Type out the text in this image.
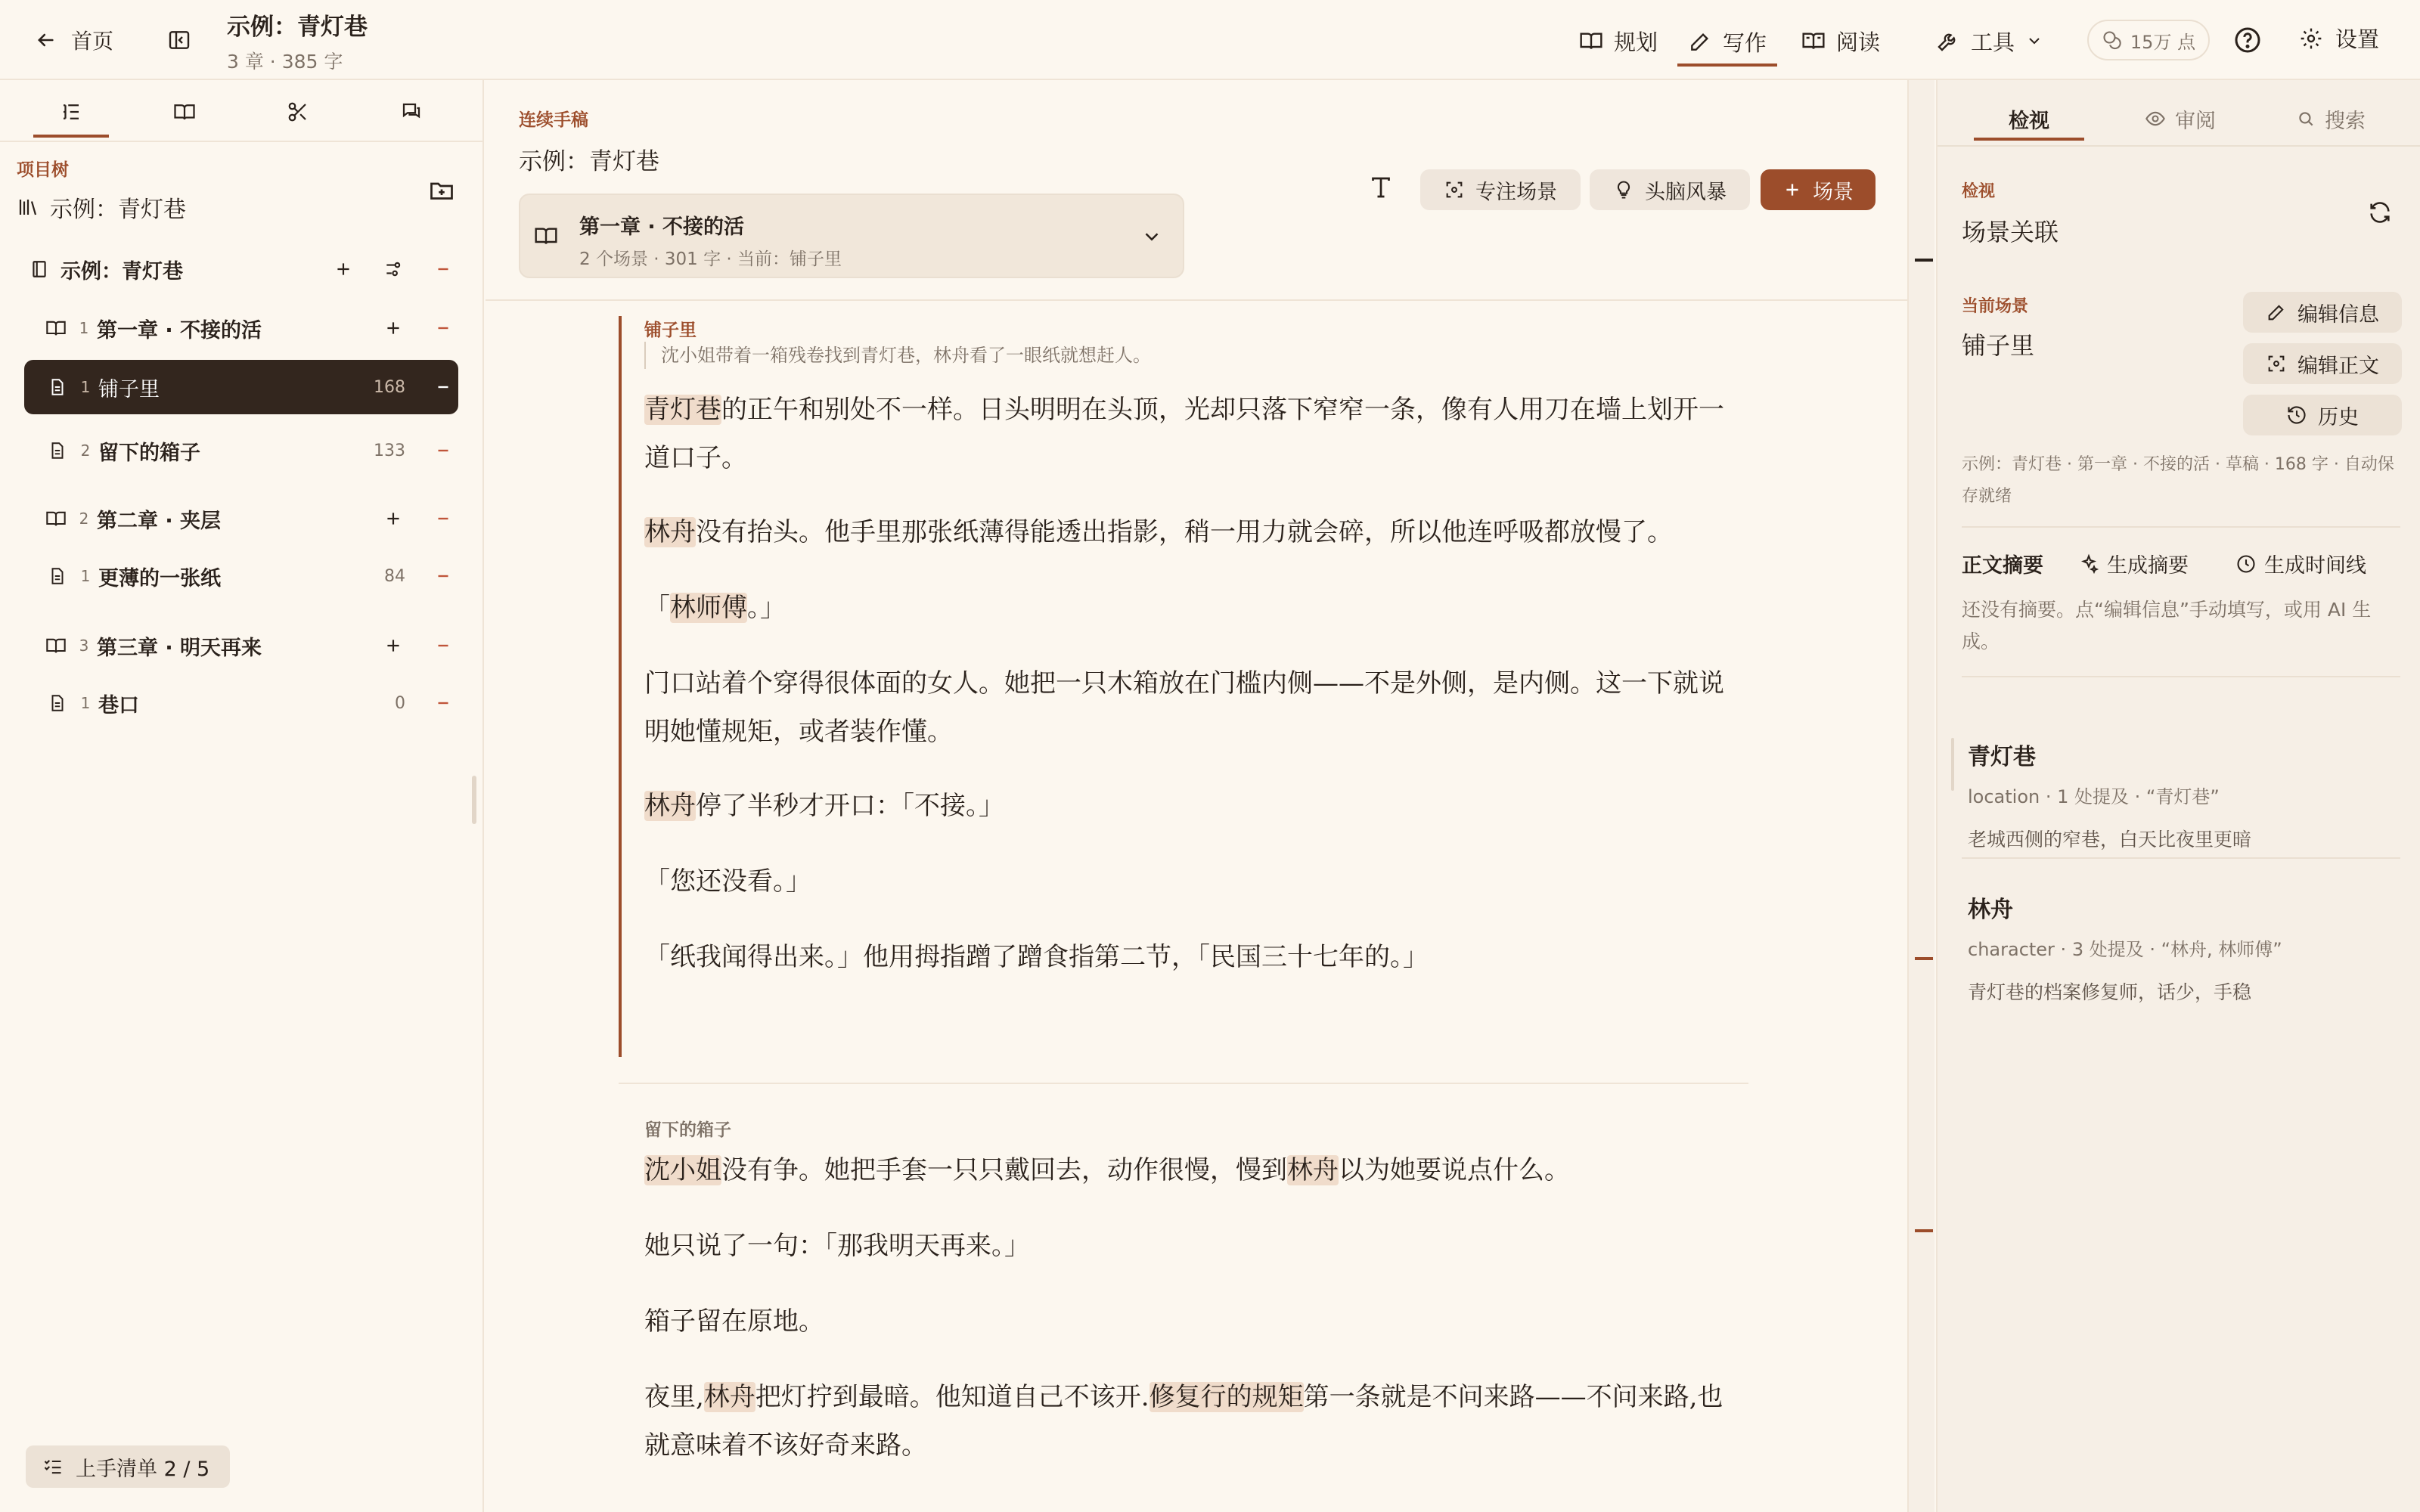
首页
示例：青灯巷
3 章 · 385 字
规划	写作	阅读	工具	15万 点	设置
项目树
示例：青灯巷
示例：青灯巷
1 第一章 · 不接的活
1 铺子里	168
2 留下的箱子	133
2 第二章 · 夹层
1 更薄的一张纸	84
3 第三章 · 明天再来
1 巷口	0
上手清单 2 / 5
连续手稿
示例：青灯巷
第一章 · 不接的活
2 个场景 · 301 字 · 当前：铺子里
专注场景	头脑风暴	场景
铺子里
沈小姐带着一箱残卷找到青灯巷，林舟看了一眼纸就想赶人。
青灯巷的正午和别处不一样。日头明明在头顶，光却只落下窄窄一条，像有人用刀在墙上划开一道口子。
林舟没有抬头。他手里那张纸薄得能透出指影，稍一用力就会碎，所以他连呼吸都放慢了。
「林师傅。」
门口站着个穿得很体面的女人。她把一只木箱放在门槛内侧——不是外侧，是内侧。这一下就说明她懂规矩，或者装作懂。
林舟停了半秒才开口：「不接。」
「您还没看。」
「纸我闻得出来。」他用拇指蹭了蹭食指第二节，「民国三十七年的。」
留下的箱子
沈小姐没有争。她把手套一只只戴回去，动作很慢，慢到林舟以为她要说点什么。
她只说了一句：「那我明天再来。」
箱子留在原地。
夜里,林舟把灯拧到最暗。他知道自己不该开.修复行的规矩第一条就是不问来路——不问来路,也就意味着不该好奇来路。
检视	审阅	搜索
检视
场景关联
当前场景
铺子里
编辑信息
编辑正文
历史
示例：青灯巷 · 第一章 · 不接的活 · 草稿 · 168 字 · 自动保存就绪
正文摘要	生成摘要	生成时间线
还没有摘要。点“编辑信息”手动填写，或用 AI 生成。
青灯巷
location · 1 处提及 · “青灯巷”
老城西侧的窄巷，白天比夜里更暗
林舟
character · 3 处提及 · “林舟, 林师傅”
青灯巷的档案修复师，话少，手稳
